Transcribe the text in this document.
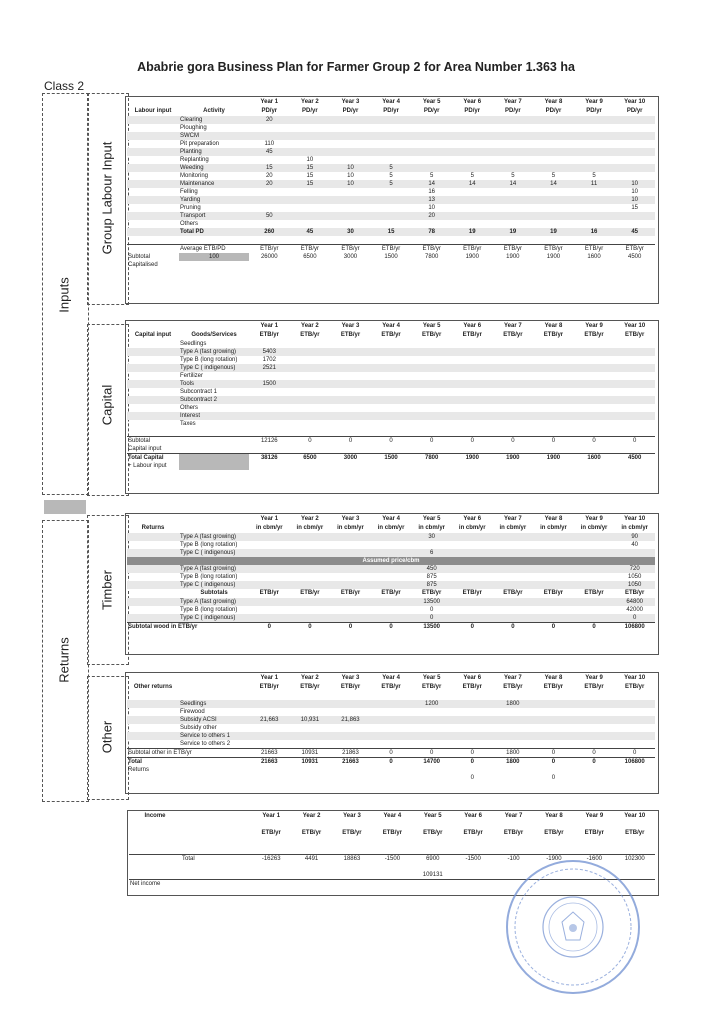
Ababrie gora Business Plan for Farmer Group 2 for Area Number 1.363 ha
Class 2
Inputs
Returns
Group Labour Input
Capital
Timber
Other
		Year 1	Year 2	Year 3	Year 4	Year 5	Year 6	Year 7	Year 8	Year 9	Year 10
Labour input	Activity	PD/yr	PD/yr	PD/yr	PD/yr	PD/yr	PD/yr	PD/yr	PD/yr	PD/yr	PD/yr
	Clearing	20									
	Ploughing										
	SWCM										
	Pit preparation	110									
	Planting	45									
	Replanting		10								
	Weeding	15	15	10	5						
	Monitoring	20	15	10	5	5	5	5	5	5	
	Maintenance	20	15	10	5	14	14	14	14	11	10
	Felling					16					10
	Yarding					13					10
	Pruning					10					15
	Transport	50				20					
	Others										
	Total PD	260	45	30	15	78	19	19	19	16	45

	Average ETB/PD	ETB/yr	ETB/yr	ETB/yr	ETB/yr	ETB/yr	ETB/yr	ETB/yr	ETB/yr	ETB/yr	ETB/yr
Subtotal	100	26000	6500	3000	1500	7800	1900	1900	1900	1600	4500
Capitalised											
		Year 1	Year 2	Year 3	Year 4	Year 5	Year 6	Year 7	Year 8	Year 9	Year 10
Capital input	Goods/Services	ETB/yr	ETB/yr	ETB/yr	ETB/yr	ETB/yr	ETB/yr	ETB/yr	ETB/yr	ETB/yr	ETB/yr
	Seedlings										
	Type A (fast growing)	5403									
	Type B (long rotation)	1702									
	Type C ( indigenous)	2521									
	Fertilizer										
	Tools	1500									
	Subcontract 1										
	Subcontract 2										
	Others										
	Interest										
	Taxes										

Subtotal		12126	0	0	0	0	0	0	0	0	0
Capital input											
Total Capital		38126	6500	3000	1500	7800	1900	1900	1900	1600	4500
+ Labour input											
		Year 1	Year 2	Year 3	Year 4	Year 5	Year 6	Year 7	Year 8	Year 9	Year 10
Returns		in cbm/yr	in cbm/yr	in cbm/yr	in cbm/yr	in cbm/yr	in cbm/yr	in cbm/yr	in cbm/yr	in cbm/yr	in cbm/yr
	Type A (fast growing)					30					90
	Type B (long rotation)										40
	Type C ( indigenous)					6					
Assumed price/cbm											
	Type A (fast growing)					450					720
	Type B (long rotation)					875					1050
	Type C ( indigenous)					875					1050
	Subtotals	ETB/yr	ETB/yr	ETB/yr	ETB/yr	ETB/yr	ETB/yr	ETB/yr	ETB/yr	ETB/yr	ETB/yr
	Type A (fast growing)					13500					64800
	Type B (long rotation)					0					42000
	Type C ( indigenous)					0					0
Subtotal wood in ETB/yr		0	0	0	0	13500	0	0	0	0	106800
		Year 1	Year 2	Year 3	Year 4	Year 5	Year 6	Year 7	Year 8	Year 9	Year 10
Other returns		ETB/yr	ETB/yr	ETB/yr	ETB/yr	ETB/yr	ETB/yr	ETB/yr	ETB/yr	ETB/yr	ETB/yr

	Seedlings					1200		1800			
	Firewood										
	Subsidy ACSI	21,663	10,931	21,863							
	Subsidy other										
	Service to others 1										
	Service to others 2										
Subtotal other in ETB/yr		21663	10931	21863	0	0	0	1800	0	0	0
Total		21663	10931	21663	0	14700	0	1800	0	0	106800
Returns											
							0		0		
Income		Year 1	Year 2	Year 3	Year 4	Year 5	Year 6	Year 7	Year 8	Year 9	Year 10

		ETB/yr	ETB/yr	ETB/yr	ETB/yr	ETB/yr	ETB/yr	ETB/yr	ETB/yr	ETB/yr	ETB/yr

	Total	-16263	4491	18863	-1500	6900	-1500	-100	-1900	-1600	102300

						109131					
Net income											
